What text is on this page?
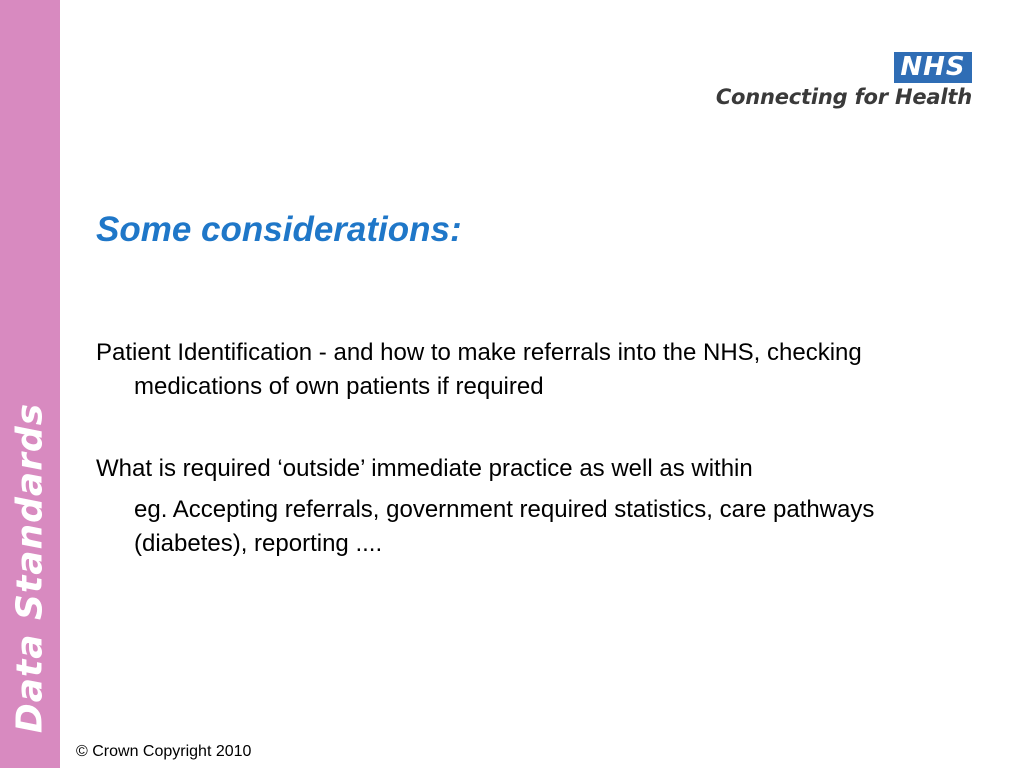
Data Standards
NHS
Connecting for Health
Some considerations:

Patient Identification - and how to make referrals into the NHS, checking medications of own patients if required

What is required ‘outside’ immediate practice as well as within

eg. Accepting referrals, government required statistics, care pathways (diabetes), reporting ....

© Crown Copyright 2010
